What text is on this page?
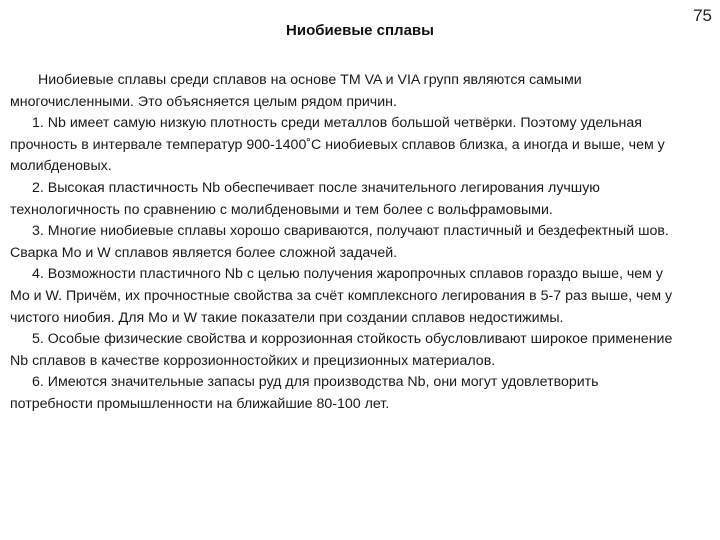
75
Ниобиевые сплавы

Ниобиевые сплавы среди сплавов на основе ТМ VA и VIA групп являются самыми многочисленными. Это объясняется целым рядом причин.

1. Nb имеет самую низкую плотность среди металлов большой четвёрки. Поэтому удельная прочность в интервале температур 900-1400˚С ниобиевых сплавов близка, а иногда и выше, чем у молибденовых.

2. Высокая пластичность Nb обеспечивает после значительного легирования лучшую технологичность по сравнению с молибденовыми и тем более с вольфрамовыми.

3. Многие ниобиевые сплавы хорошо свариваются, получают пластичный и бездефектный шов. Сварка Mo и W сплавов является более сложной задачей.

4. Возможности пластичного Nb с целью получения жаропрочных сплавов гораздо выше, чем у Mo и W. Причём, их прочностные свойства за счёт комплексного легирования в 5-7 раз выше, чем у чистого ниобия. Для Mo и W такие показатели при создании сплавов недостижимы.

5. Особые физические свойства и коррозионная стойкость обусловливают широкое применение Nb сплавов в качестве коррозионностойких и прецизионных материалов.

6. Имеются значительные запасы руд для производства Nb, они могут удовлетворить потребности промышленности на ближайшие 80-100 лет.
